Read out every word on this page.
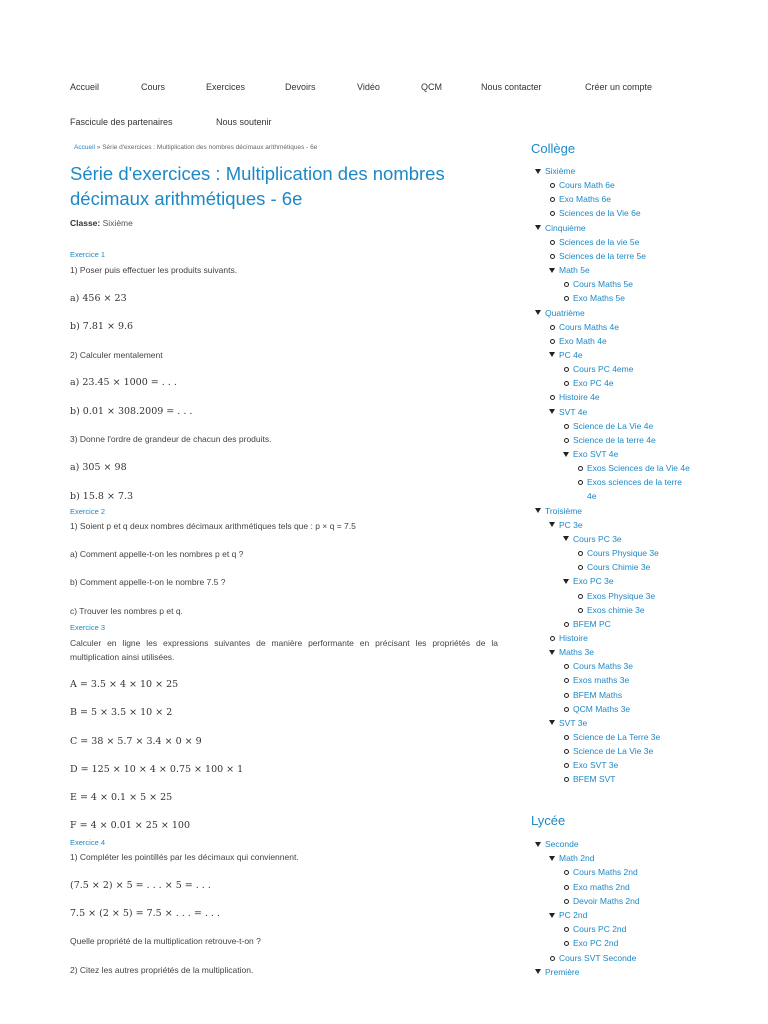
Accueil	Cours	Exercices	Devoirs	Vidéo	QCM	Nous contacter	Créer un compte
Fascicule des partenaires	Nous soutenir
Accueil » Série d'exercices : Multiplication des nombres décimaux arithmétiques - 6e
Série d'exercices : Multiplication des nombres décimaux arithmétiques - 6e
Classe: Sixième
Exercice 1
1) Poser puis effectuer les produits suivants.
a) 456 × 23
b) 7.81 × 9.6
2) Calculer mentalement
a) 23.45 × 1000 = . . .
b) 0.01 × 308.2009 = . . .
3) Donne l'ordre de grandeur de chacun des produits.
a) 305 × 98
b) 15.8 × 7.3
Exercice 2
1) Soient p et q deux nombres décimaux arithmétiques tels que : p × q = 7.5
a) Comment appelle-t-on les nombres p et q ?
b) Comment appelle-t-on le nombre 7.5 ?
c) Trouver les nombres p et q.
Exercice 3
Calculer en ligne les expressions suivantes de manière performante en précisant les propriétés de la multiplication ainsi utilisées.
A = 3.5 × 4 × 10 × 25
B = 5 × 3.5 × 10 × 2
C = 38 × 5.7 × 3.4 × 0 × 9
D = 125 × 10 × 4 × 0.75 × 100 × 1
E = 4 × 0.1 × 5 × 25
F = 4 × 0.01 × 25 × 100
Exercice 4
1) Compléter les pointillés par les décimaux qui conviennent.
(7.5 × 2) × 5 = . . . × 5 = . . .
7.5 × (2 × 5) = 7.5 × . . . = . . .
Quelle propriété de la multiplication retrouve-t-on ?
2) Citez les autres propriétés de la multiplication.
Collège
Lycée
Sixième
Cours Math 6e
Exo Maths 6e
Sciences de la Vie 6e
Cinquième
Sciences de la vie 5e
Sciences de la terre 5e
Math 5e
Cours Maths 5e
Exo Maths 5e
Quatrième
Cours Maths 4e
Exo Math 4e
PC 4e
Cours PC 4eme
Exo PC 4e
Histoire 4e
SVT 4e
Science de La Vie 4e
Science de la terre 4e
Exo SVT 4e
Exos Sciences de la Vie 4e
Exos sciences de la terre
4e
Troisième
PC 3e
Cours PC 3e
Cours Physique 3e
Cours Chimie 3e
Exo PC 3e
Exos Physique 3e
Exos chimie 3e
BFEM PC
Histoire
Maths 3e
Cours Maths 3e
Exos maths 3e
BFEM Maths
QCM Maths 3e
SVT 3e
Science de La Terre 3e
Science de La Vie 3e
Exo SVT 3e
BFEM SVT
Seconde
Math 2nd
Cours Maths 2nd
Exo maths 2nd
Devoir Maths 2nd
PC 2nd
Cours PC 2nd
Exo PC 2nd
Cours SVT Seconde
Première
